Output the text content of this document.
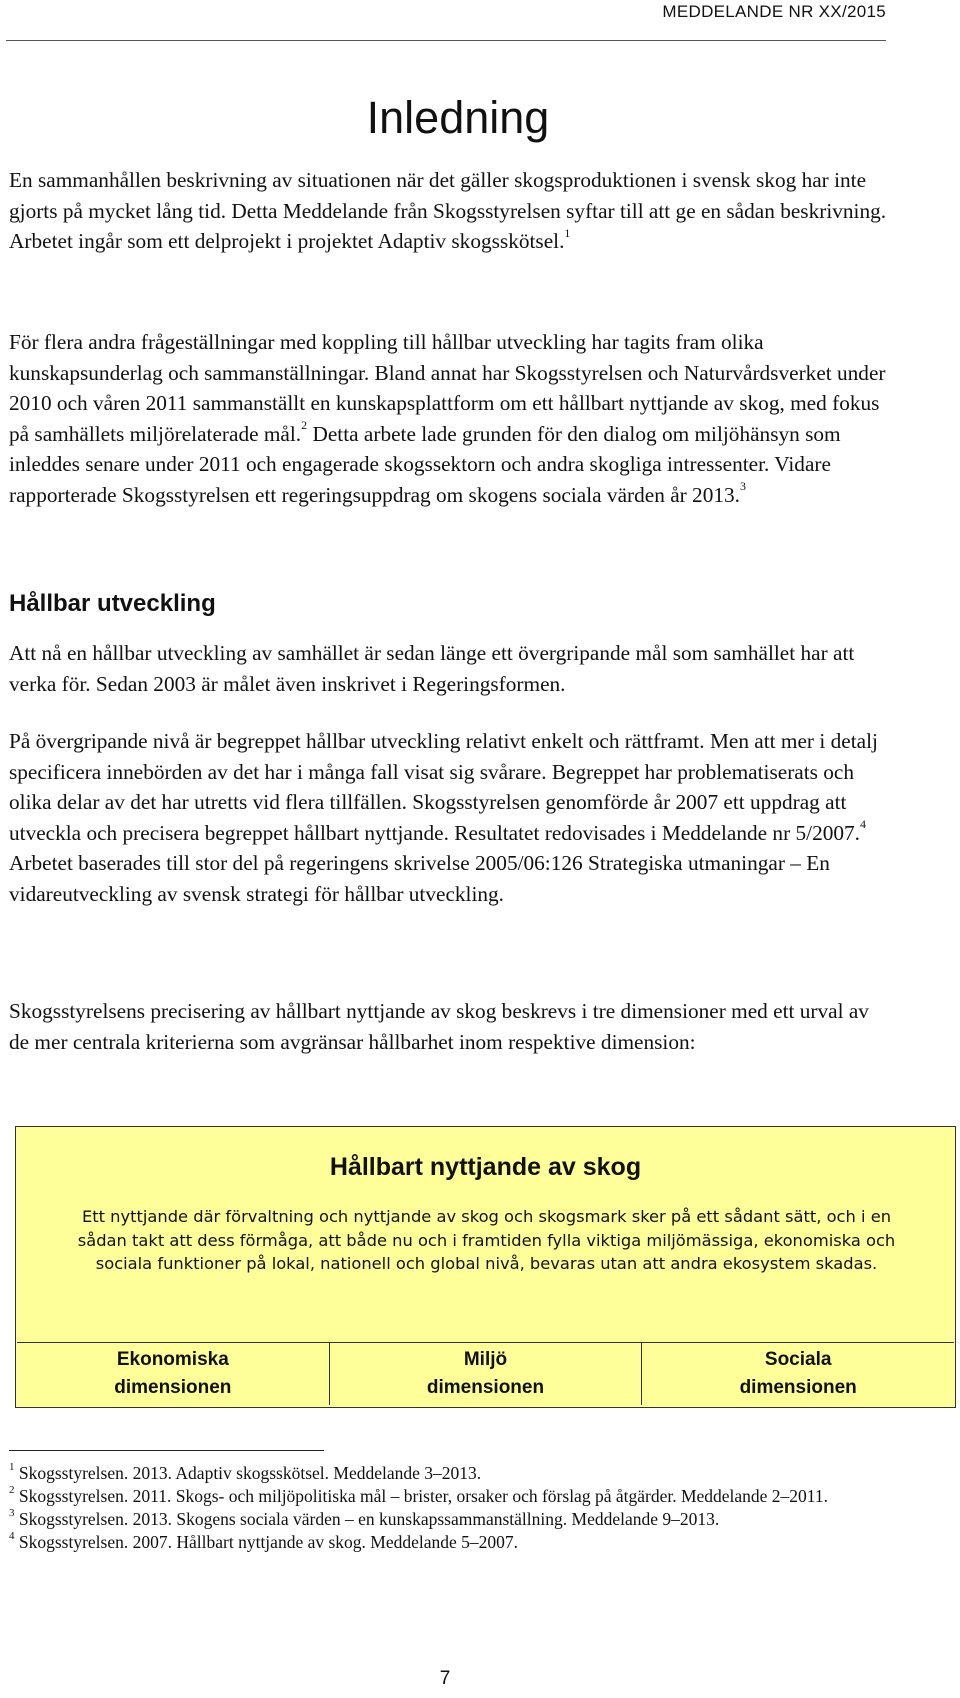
MEDDELANDE NR XX/2015
Inledning

En sammanhållen beskrivning av situationen när det gäller skogsproduktionen i svensk skog har inte gjorts på mycket lång tid. Detta Meddelande från Skogsstyrelsen syftar till att ge en sådan beskrivning. Arbetet ingår som ett delprojekt i projektet Adaptiv skogsskötsel.$^1$

För flera andra frågeställningar med koppling till hållbar utveckling har tagits fram olika kunskapsunderlag och sammanställningar. Bland annat har Skogsstyrelsen och Naturvårdsverket under 2010 och våren 2011 sammanställt en kunskapsplattform om ett hållbart nyttjande av skog, med fokus på samhällets miljörelaterade mål.$^2$ Detta arbete lade grunden för den dialog om miljöhänsyn som inleddes senare under 2011 och engagerade skogssektorn och andra skogliga intressenter. Vidare rapporterade Skogsstyrelsen ett regeringsuppdrag om skogens sociala värden år 2013.$^3$

Hållbar utveckling

Att nå en hållbar utveckling av samhället är sedan länge ett övergripande mål som samhället har att verka för. Sedan 2003 är målet även inskrivet i Regeringsformen.

På övergripande nivå är begreppet hållbar utveckling relativt enkelt och rättframt. Men att mer i detalj specificera innebörden av det har i många fall visat sig svårare. Begreppet har problematiserats och olika delar av det har utretts vid flera tillfällen. Skogsstyrelsen genomförde år 2007 ett uppdrag att utveckla och precisera begreppet hållbart nyttjande. Resultatet redovisades i Meddelande nr 5/2007.$^4$ Arbetet baserades till stor del på regeringens skrivelse 2005/06:126 Strategiska utmaningar – En vidareutveckling av svensk strategi för hållbar utveckling.

Skogsstyrelsens precisering av hållbart nyttjande av skog beskrevs i tre dimensioner med ett urval av de mer centrala kriterierna som avgränsar hållbarhet inom respektive dimension:

Hållbart nyttjande av skog
Ett nyttjande där förvaltning och nyttjande av skog och skogsmark sker på ett sådant sätt, och i en sådan takt att dess förmåga, att både nu och i framtiden fylla viktiga miljömässiga, ekonomiska och sociala funktioner på lokal, nationell och global nivå, bevaras utan att andra ekosystem skadas.
Ekonomiska
dimensionen
Miljö
dimensionen
Sociala
dimensionen

$^1$ Skogsstyrelsen. 2013. Adaptiv skogsskötsel. Meddelande 3–2013.

$^2$ Skogsstyrelsen. 2011. Skogs- och miljöpolitiska mål – brister, orsaker och förslag på åtgärder. Meddelande 2–2011.

$^3$ Skogsstyrelsen. 2013. Skogens sociala värden – en kunskapssammanställning. Meddelande 9–2013.

$^4$ Skogsstyrelsen. 2007. Hållbart nyttjande av skog. Meddelande 5–2007.

7
